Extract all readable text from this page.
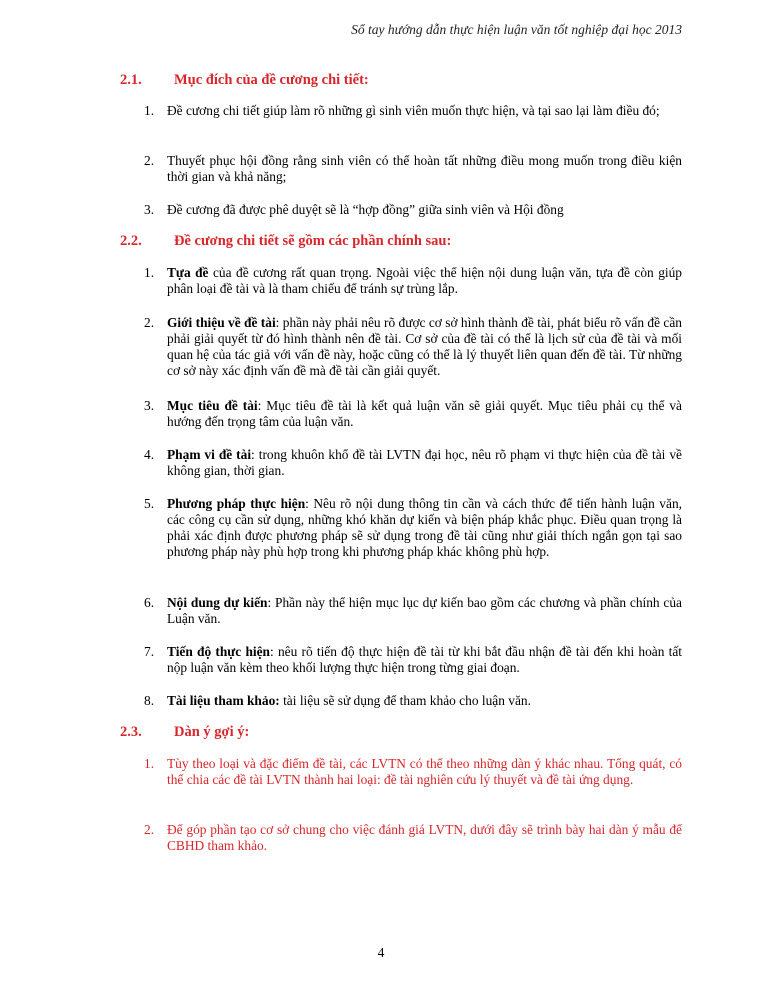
Sổ tay hướng dẫn thực hiện luận văn tốt nghiệp đại học 2013
2.1. Mục đích của đề cương chi tiết:
1. Đề cương chi tiết giúp làm rõ những gì sinh viên muốn thực hiện, và tại sao lại làm điều đó;
2. Thuyết phục hội đồng rằng sinh viên có thể hoàn tất những điều mong muốn trong điều kiện thời gian và khả năng;
3. Đề cương đã được phê duyệt sẽ là “hợp đồng” giữa sinh viên và Hội đồng
2.2. Đề cương chi tiết sẽ gồm các phần chính sau:
1. Tựa đề của đề cương rất quan trọng. Ngoài việc thể hiện nội dung luận văn, tựa đề còn giúp phân loại đề tài và là tham chiếu để tránh sự trùng lắp.
2. Giới thiệu về đề tài: phần này phải nêu rõ được cơ sở hình thành đề tài, phát biểu rõ vấn đề cần phải giải quyết từ đó hình thành nên đề tài. Cơ sở của đề tài có thể là lịch sử của đề tài và mối quan hệ của tác giả với vấn đề này, hoặc cũng có thể là lý thuyết liên quan đến đề tài. Từ những cơ sở này xác định vấn đề mà đề tài cần giải quyết.
3. Mục tiêu đề tài: Mục tiêu đề tài là kết quả luận văn sẽ giải quyết. Mục tiêu phải cụ thể và hướng đến trọng tâm của luận văn.
4. Phạm vi đề tài: trong khuôn khổ đề tài LVTN đại học, nêu rõ phạm vi thực hiện của đề tài về không gian, thời gian.
5. Phương pháp thực hiện: Nêu rõ nội dung thông tin cần và cách thức để tiến hành luận văn, các công cụ cần sử dụng, những khó khăn dự kiến và biện pháp khắc phục. Điều quan trọng là phải xác định được phương pháp sẽ sử dụng trong đề tài cũng như giải thích ngắn gọn tại sao phương pháp này phù hợp trong khi phương pháp khác không phù hợp.
6. Nội dung dự kiến: Phần này thể hiện mục lục dự kiến bao gồm các chương và phần chính của Luận văn.
7. Tiến độ thực hiện: nêu rõ tiến độ thực hiện đề tài từ khi bắt đầu nhận đề tài đến khi hoàn tất nộp luận văn kèm theo khối lượng thực hiện trong từng giai đoạn.
8. Tài liệu tham khảo: tài liệu sẽ sử dụng để tham khảo cho luận văn.
2.3. Dàn ý gợi ý:
1. Tùy theo loại và đặc điểm đề tài, các LVTN có thể theo những dàn ý khác nhau. Tổng quát, có thể chia các đề tài LVTN thành hai loại: đề tài nghiên cứu lý thuyết và đề tài ứng dụng.
2. Để góp phần tạo cơ sở chung cho việc đánh giá LVTN, dưới đây sẽ trình bày hai dàn ý mẫu để CBHD tham khảo.
4
